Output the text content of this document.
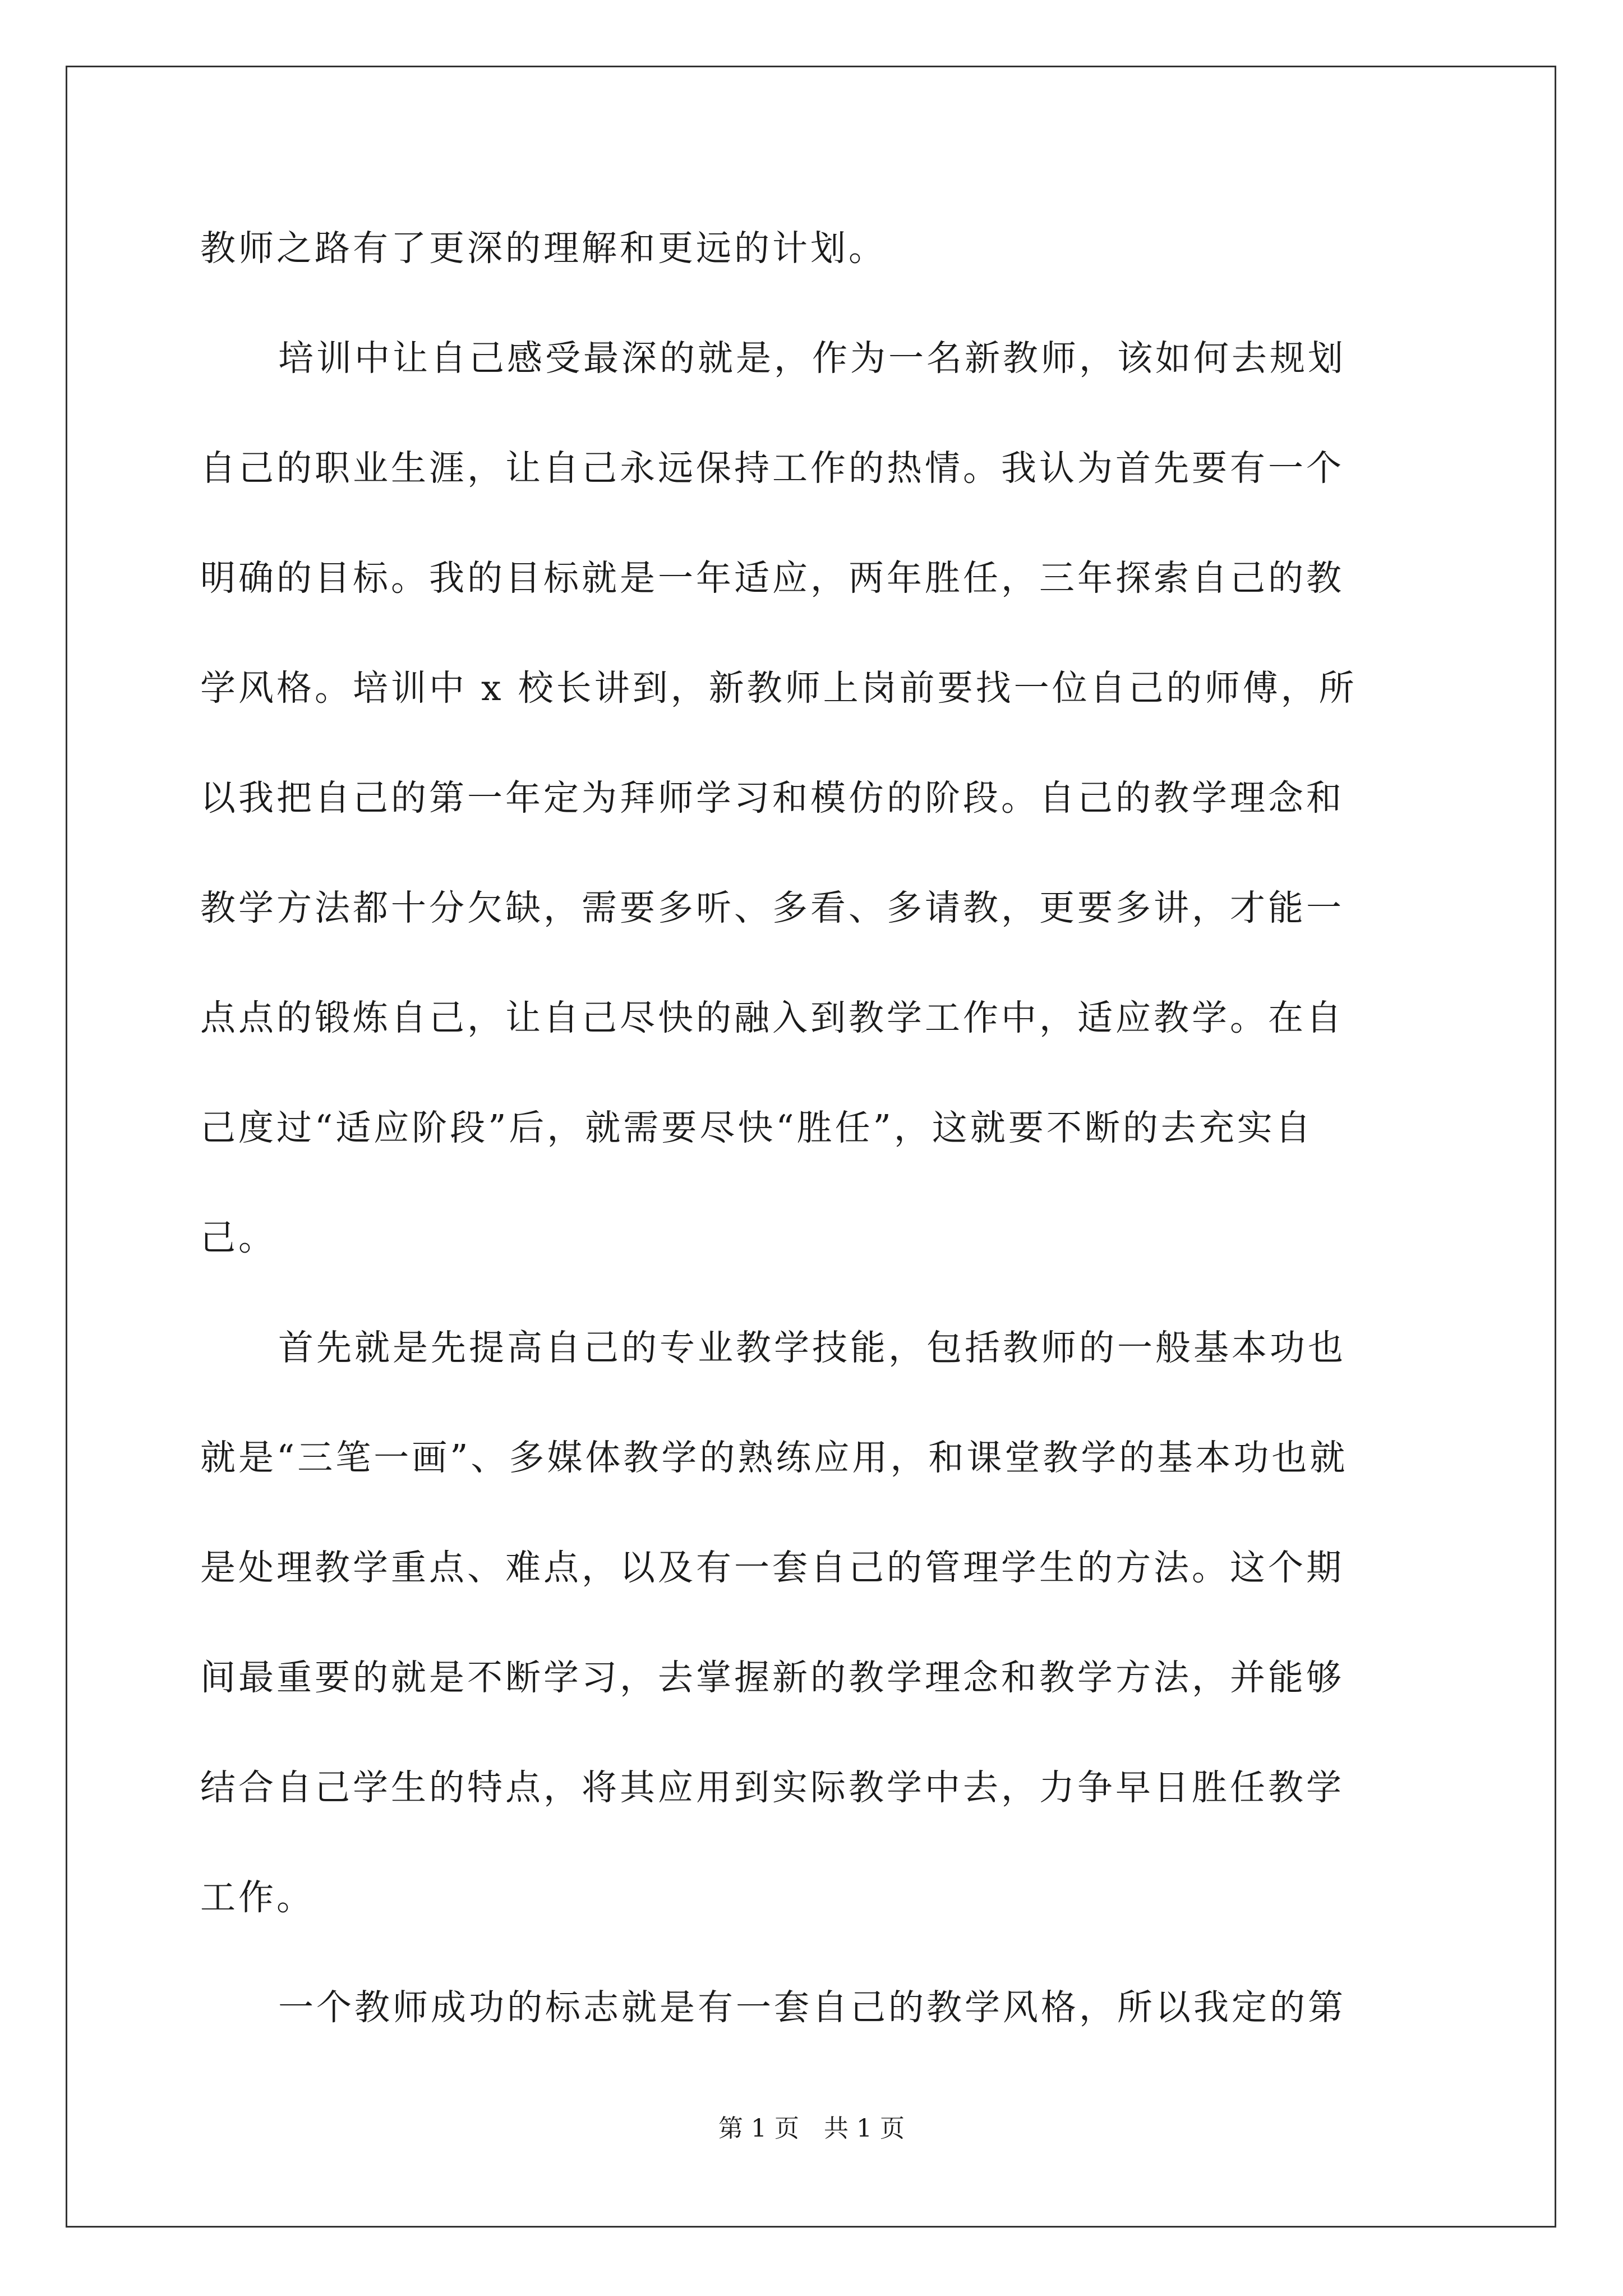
教师之路有了更深的理解和更远的计划。
培训中让自己感受最深的就是，作为一名新教师，该如何去规划
自己的职业生涯，让自己永远保持工作的热情。我认为首先要有一个
明确的目标。我的目标就是一年适应，两年胜任，三年探索自己的教
学风格。培训中 x 校长讲到，新教师上岗前要找一位自己的师傅，所
以我把自己的第一年定为拜师学习和模仿的阶段。自己的教学理念和
教学方法都十分欠缺，需要多听、多看、多请教，更要多讲，才能一
点点的锻炼自己，让自己尽快的融入到教学工作中，适应教学。在自
己度过“适应阶段”后，就需要尽快“胜任”，这就要不断的去充实自
己。
首先就是先提高自己的专业教学技能，包括教师的一般基本功也
就是“三笔一画”、多媒体教学的熟练应用，和课堂教学的基本功也就
是处理教学重点、难点，以及有一套自己的管理学生的方法。这个期
间最重要的就是不断学习，去掌握新的教学理念和教学方法，并能够
结合自己学生的特点，将其应用到实际教学中去，力争早日胜任教学
工作。
一个教师成功的标志就是有一套自己的教学风格，所以我定的第
第 1 页　共 1 页
